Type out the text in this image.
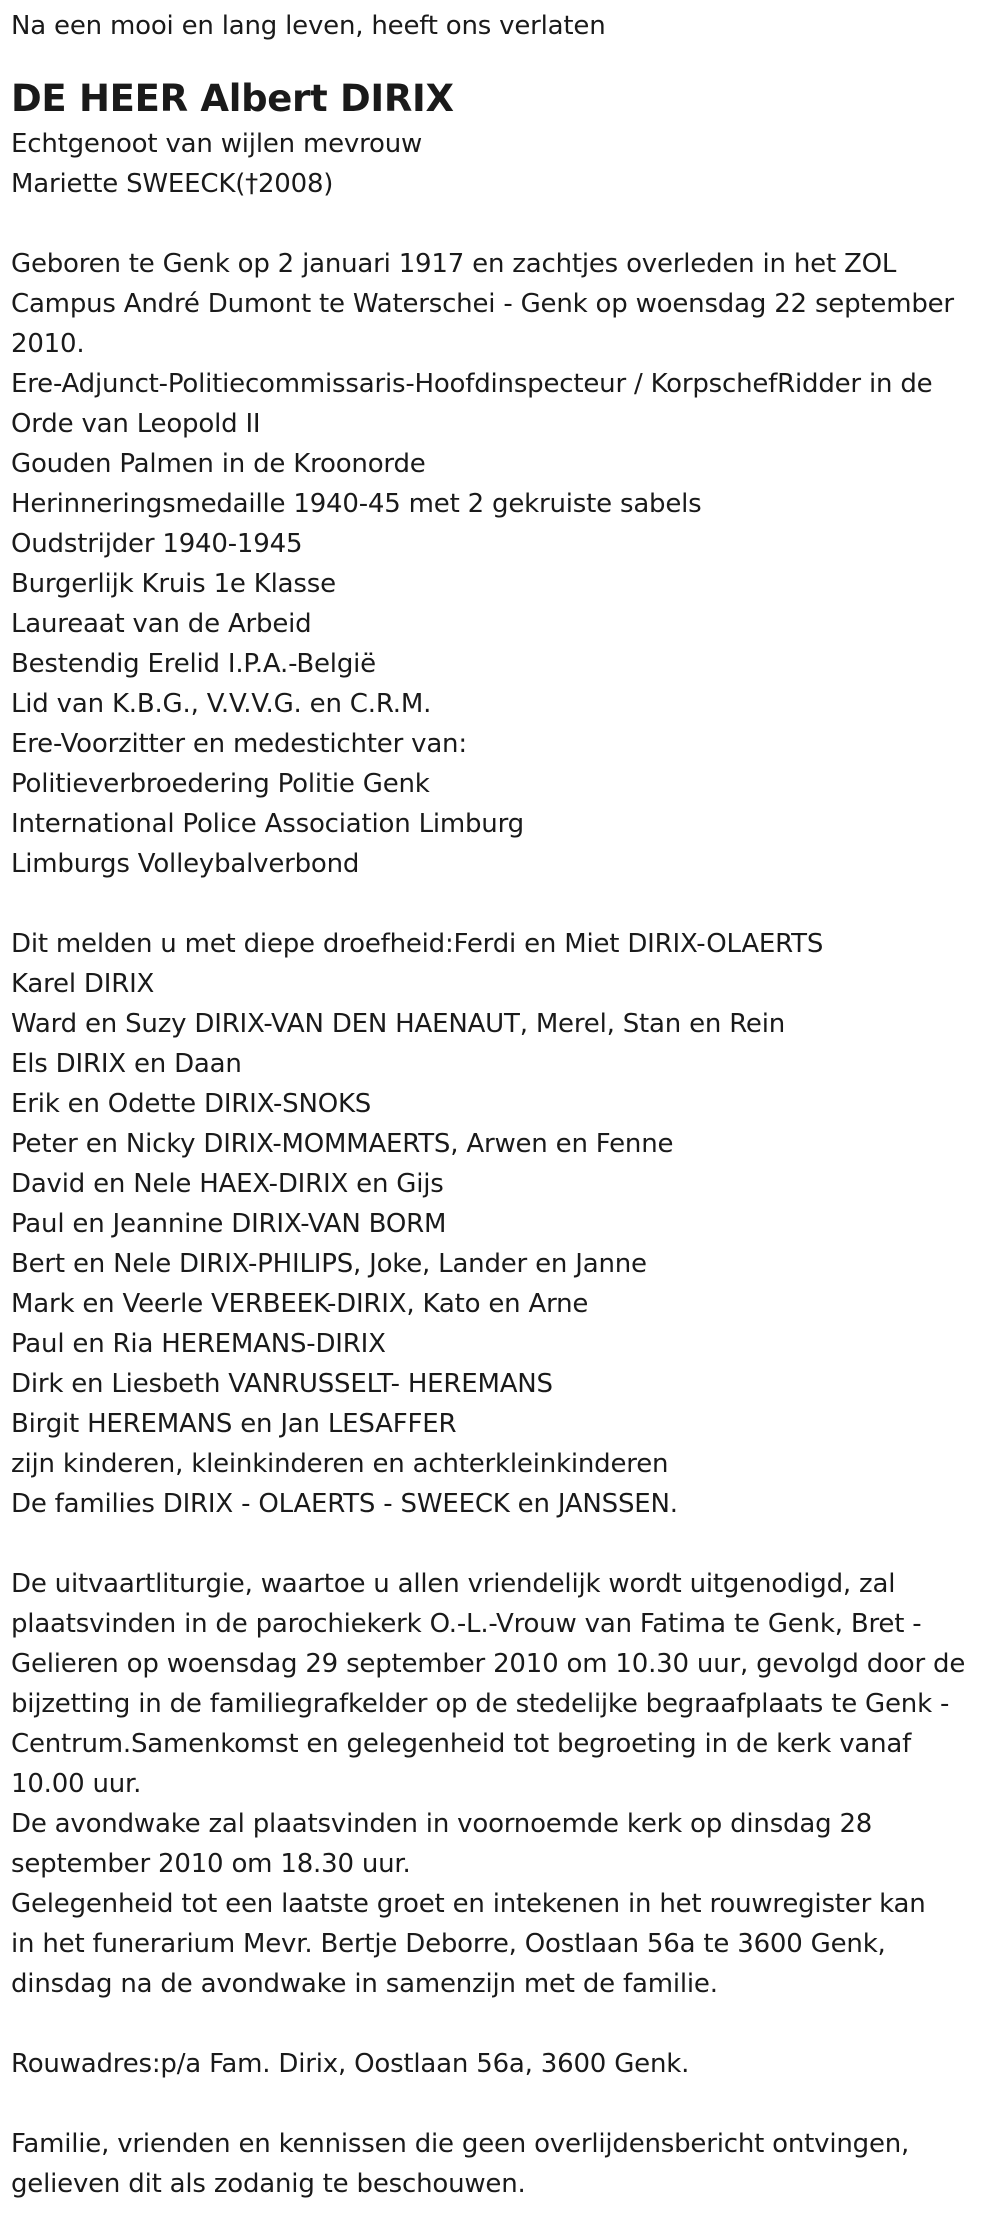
Na een mooi en lang leven, heeft ons verlaten
DE HEER Albert DIRIX
Echtgenoot van wijlen mevrouw
Mariette SWEECK(†2008)
Geboren te Genk op 2 januari 1917 en zachtjes overleden in het ZOL
Campus André Dumont te Waterschei - Genk op woensdag 22 september
2010.
Ere-Adjunct-Politiecommissaris-Hoofdinspecteur / KorpschefRidder in de
Orde van Leopold II
Gouden Palmen in de Kroonorde
Herinneringsmedaille 1940-45 met 2 gekruiste sabels
Oudstrijder 1940-1945
Burgerlijk Kruis 1e Klasse
Laureaat van de Arbeid
Bestendig Erelid I.P.A.-België
Lid van K.B.G., V.V.V.G. en C.R.M.
Ere-Voorzitter en medestichter van:
Politieverbroedering Politie Genk
International Police Association Limburg
Limburgs Volleybalverbond
Dit melden u met diepe droefheid:Ferdi en Miet DIRIX-OLAERTS
Karel DIRIX
Ward en Suzy DIRIX-VAN DEN HAENAUT, Merel, Stan en Rein
Els DIRIX en Daan
Erik en Odette DIRIX-SNOKS
Peter en Nicky DIRIX-MOMMAERTS, Arwen en Fenne
David en Nele HAEX-DIRIX en Gijs
Paul en Jeannine DIRIX-VAN BORM
Bert en Nele DIRIX-PHILIPS, Joke, Lander en Janne
Mark en Veerle VERBEEK-DIRIX, Kato en Arne
Paul en Ria HEREMANS-DIRIX
Dirk en Liesbeth VANRUSSELT- HEREMANS
Birgit HEREMANS en Jan LESAFFER
zijn kinderen, kleinkinderen en achterkleinkinderen
De families DIRIX - OLAERTS - SWEECK en JANSSEN.
De uitvaartliturgie, waartoe u allen vriendelijk wordt uitgenodigd, zal
plaatsvinden in de parochiekerk O.-L.-Vrouw van Fatima te Genk, Bret -
Gelieren op woensdag 29 september 2010 om 10.30 uur, gevolgd door de
bijzetting in de familiegrafkelder op de stedelijke begraafplaats te Genk -
Centrum.Samenkomst en gelegenheid tot begroeting in de kerk vanaf
10.00 uur.
De avondwake zal plaatsvinden in voornoemde kerk op dinsdag 28
september 2010 om 18.30 uur.
Gelegenheid tot een laatste groet en intekenen in het rouwregister kan
in het funerarium Mevr. Bertje Deborre, Oostlaan 56a te 3600 Genk,
dinsdag na de avondwake in samenzijn met de familie.
Rouwadres:p/a Fam. Dirix, Oostlaan 56a, 3600 Genk.
Familie, vrienden en kennissen die geen overlijdensbericht ontvingen,
gelieven dit als zodanig te beschouwen.
